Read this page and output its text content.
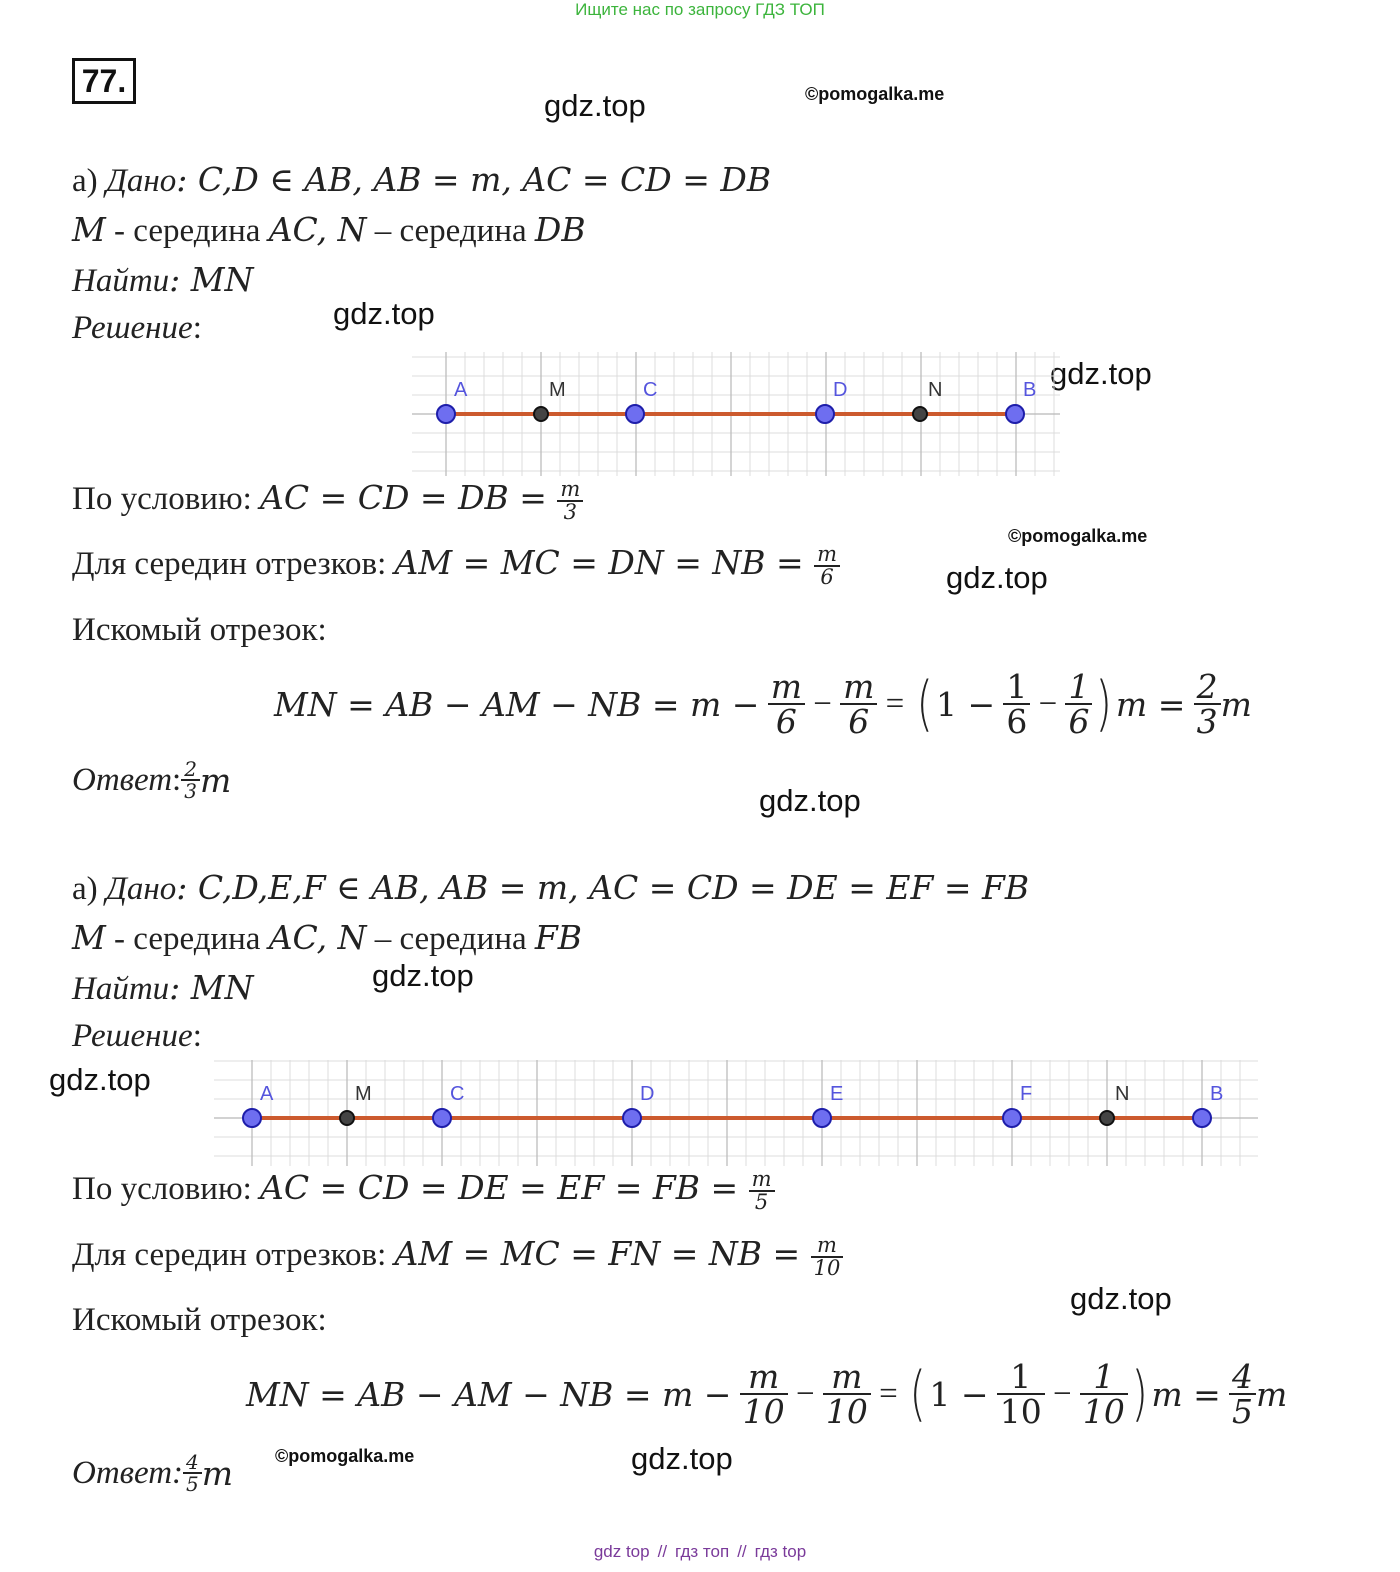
Ищите нас по запросу ГДЗ ТОП
77.
gdz.top	©pomogalka.me
gdz.top
gdz.top
©pomogalka.me
gdz.top
gdz.top
gdz.top
gdz.top
gdz.top
©pomogalka.me	gdz.top
а) Дано: C,D ∈ AB, AB = m, AC = CD = DB
M - середина AC, N – середина DB
Найти: MN
Решение:
A	M	C	D	N	B
По условию: AC = CD = DB = $\frac{m}{3}$
Для середин отрезков: AM = MC = DN = NB = $\frac{m}{6}$
Искомый отрезок:
MN = AB − AM − NB = m −
$\frac{m}{6}$
−
$\frac{m}{6}$
=
( 1 −
$\frac{1}{6}$
−
$\frac{1}{6}$ ) m =
$\frac{2}{3}$ m
Ответ : $\frac{2}{3}$ m
а) Дано: C,D,E,F ∈ AB, AB = m, AC = CD = DE = EF = FB
M - середина AC, N – середина FB
Найти: MN
Решение:
A	M	C	D	E	F	N	B
По условию: AC = CD = DE = EF = FB = $\frac{m}{5}$
Для середин отрезков: AM = MC = FN = NB = $\frac{m}{10}$
Искомый отрезок:
MN = AB − AM − NB = m −
$\frac{m}{10}$
−
$\frac{m}{10}$
=
( 1 −
$\frac{1}{10}$
−
$\frac{1}{10}$ ) m =
$\frac{4}{5}$ m
Ответ: $\frac{4}{5}$ m
gdz top // гдз топ // гдз top
